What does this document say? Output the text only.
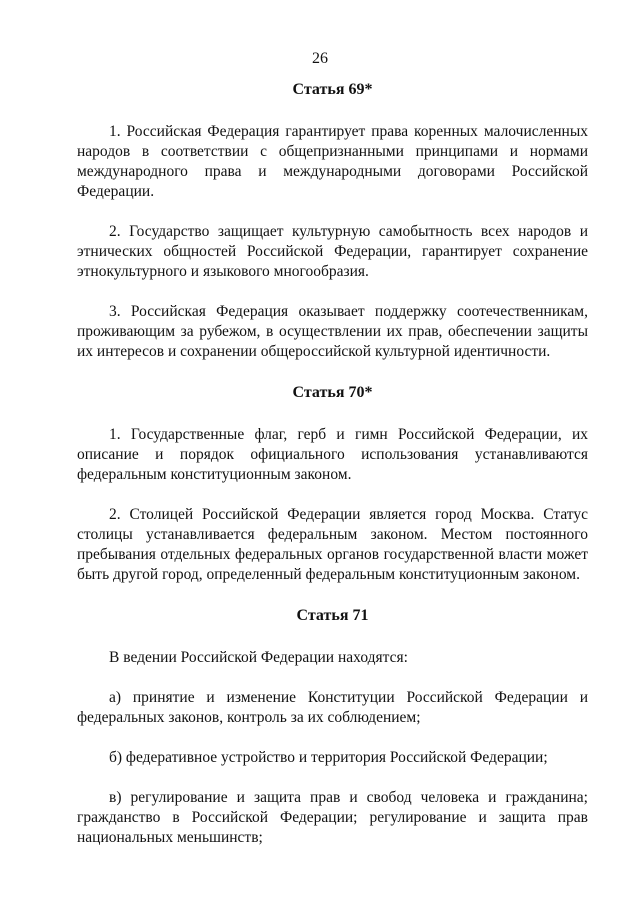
26
Статья 69*

1. Российская Федерация гарантирует права коренных малочисленных народов в соответствии с общепризнанными принципами и нормами международного права и международными договорами Российской Федерации.

2. Государство защищает культурную самобытность всех народов и этнических общностей Российской Федерации, гарантирует сохранение этнокультурного и языкового многообразия.

3. Российская Федерация оказывает поддержку соотечественникам, проживающим за рубежом, в осуществлении их прав, обеспечении защиты их интересов и сохранении общероссийской культурной идентичности.

Статья 70*

1. Государственные флаг, герб и гимн Российской Федерации, их описание и порядок официального использования устанавливаются федеральным конституционным законом.

2. Столицей Российской Федерации является город Москва. Статус столицы устанавливается федеральным законом. Местом постоянного пребывания отдельных федеральных органов государственной власти может быть другой город, определенный федеральным конституционным законом.

Статья 71

В ведении Российской Федерации находятся:

а) принятие и изменение Конституции Российской Федерации и федеральных законов, контроль за их соблюдением;

б) федеративное устройство и территория Российской Федерации;

в) регулирование и защита прав и свобод человека и гражданина; гражданство в Российской Федерации; регулирование и защита прав национальных меньшинств;
